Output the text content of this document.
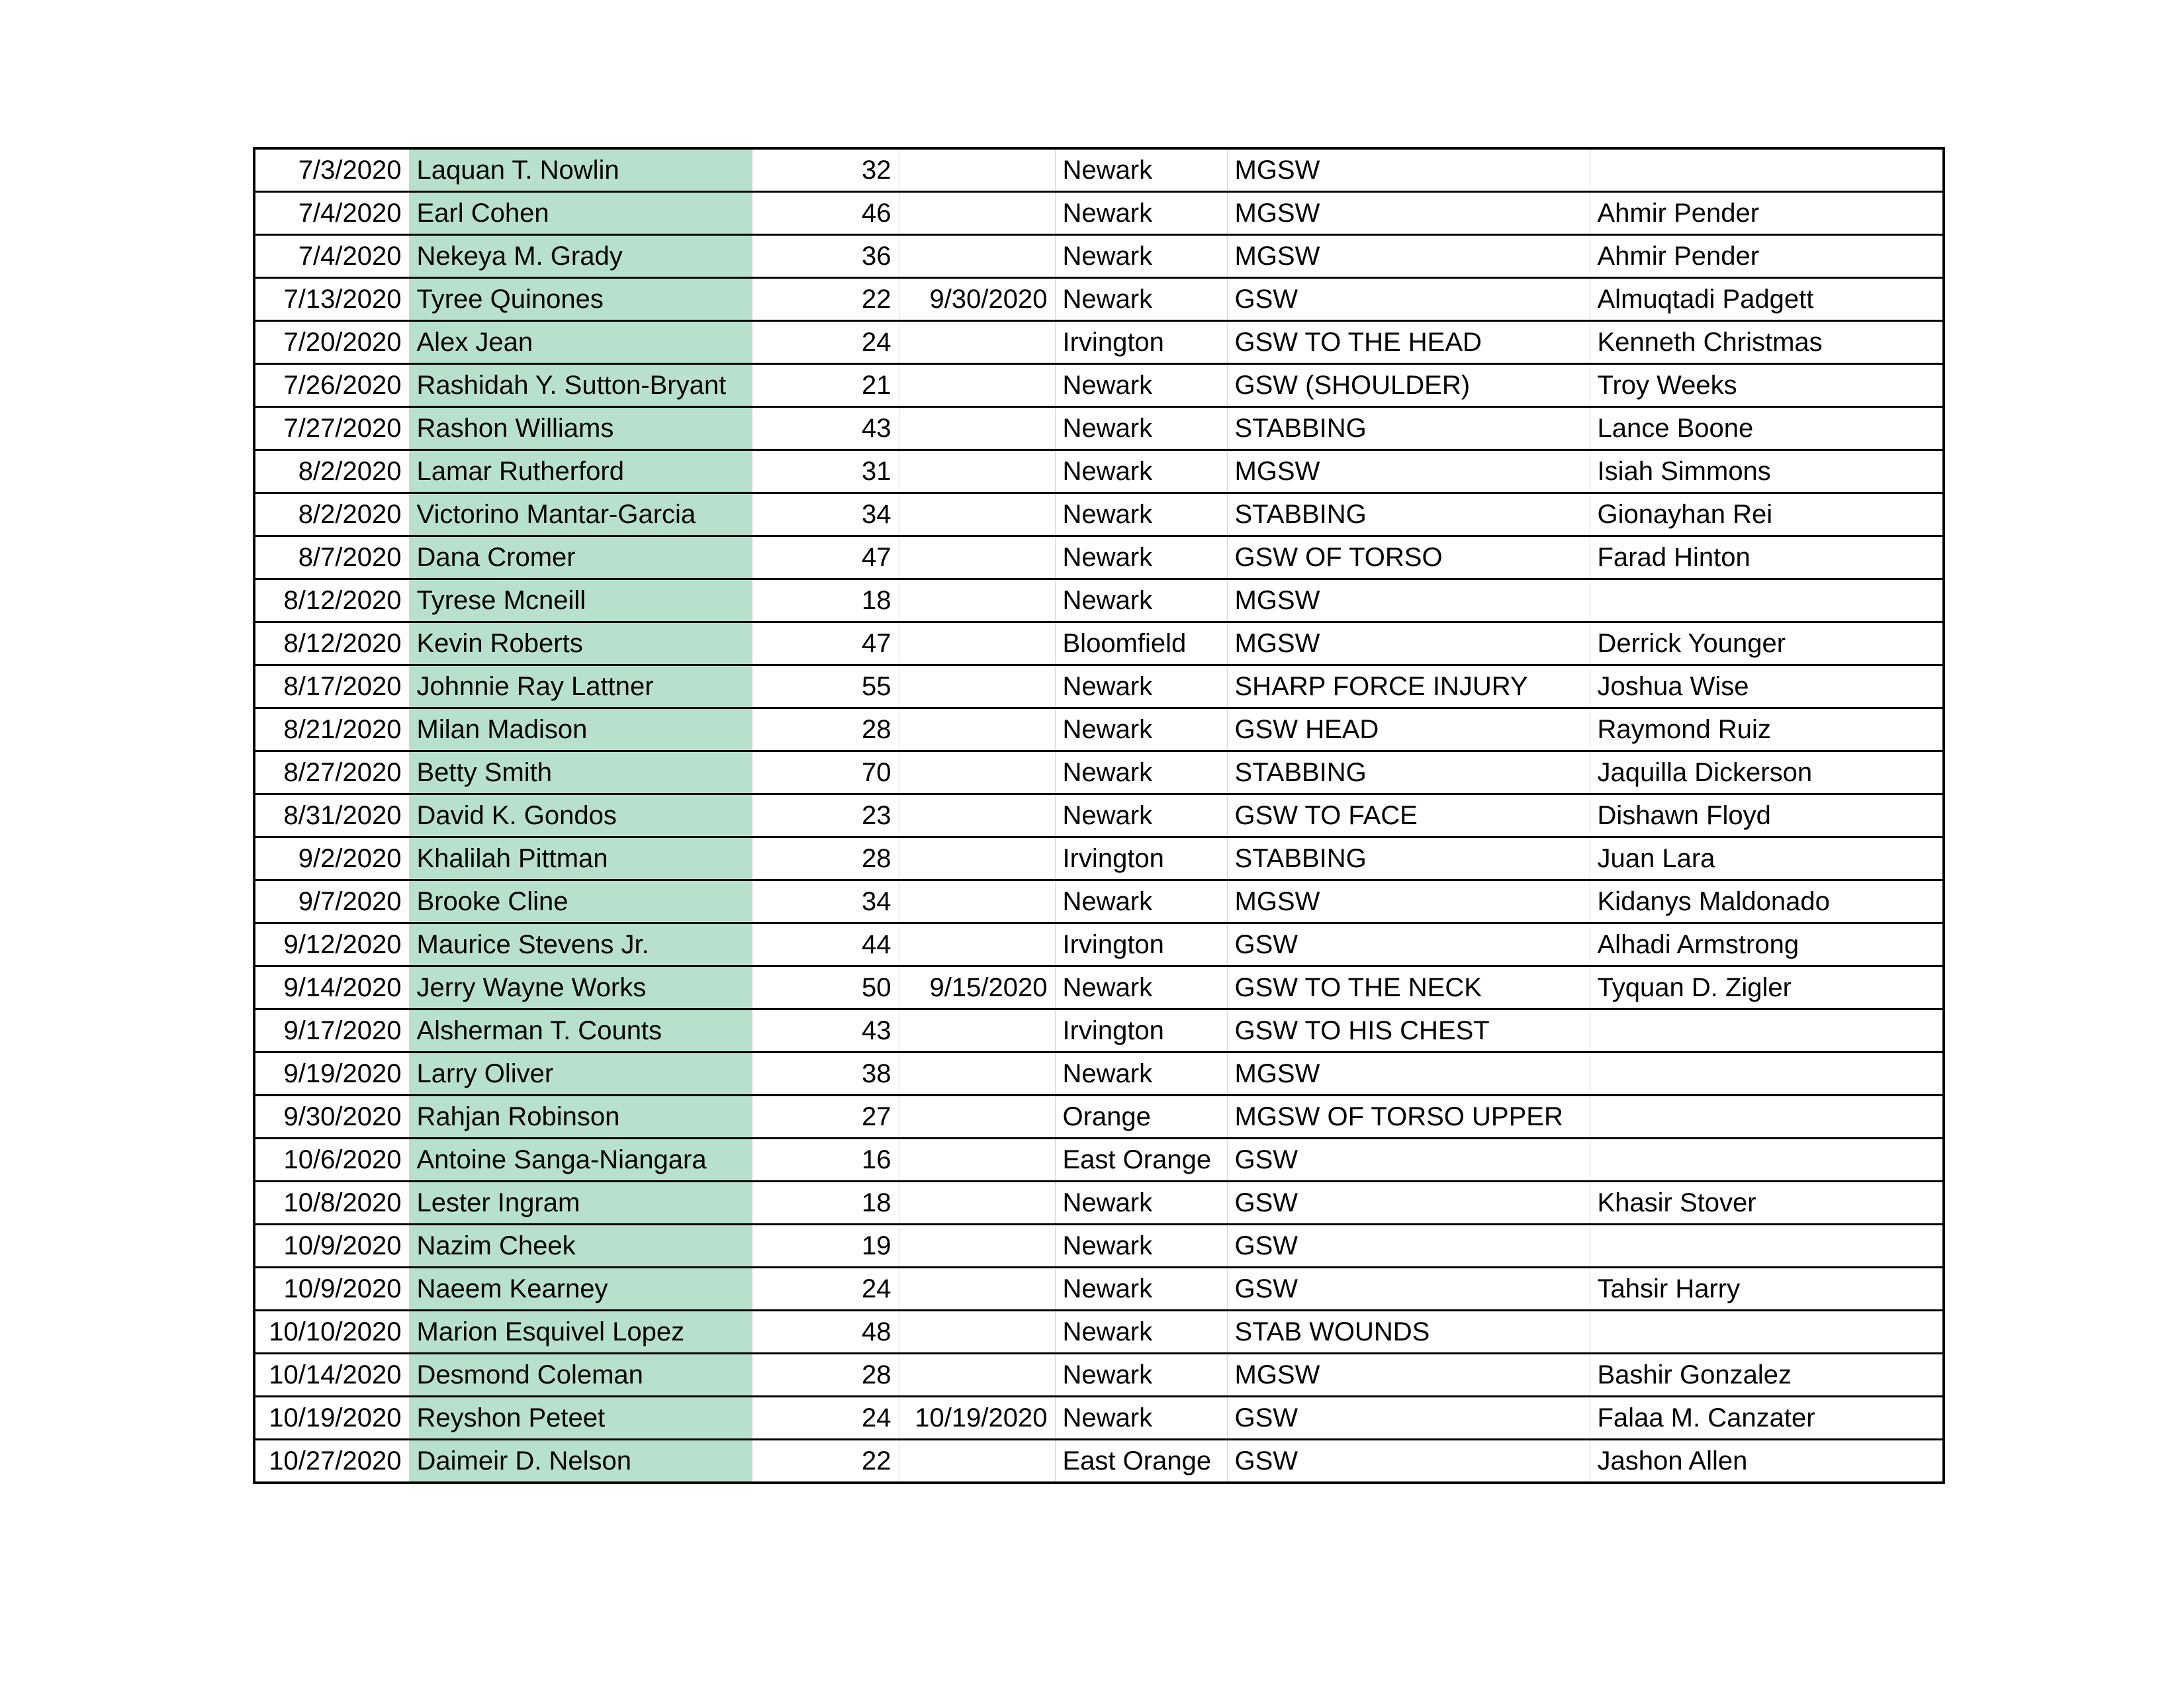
7/3/2020	Laquan T. Nowlin	32		Newark	MGSW	
7/4/2020	Earl Cohen	46		Newark	MGSW	Ahmir Pender
7/4/2020	Nekeya M. Grady	36		Newark	MGSW	Ahmir Pender
7/13/2020	Tyree Quinones	22	9/30/2020	Newark	GSW	Almuqtadi Padgett
7/20/2020	Alex Jean	24		Irvington	GSW TO THE HEAD	Kenneth Christmas
7/26/2020	Rashidah Y. Sutton-Bryant	21		Newark	GSW (SHOULDER)	Troy Weeks
7/27/2020	Rashon Williams	43		Newark	STABBING	Lance Boone
8/2/2020	Lamar Rutherford	31		Newark	MGSW	Isiah Simmons
8/2/2020	Victorino Mantar-Garcia	34		Newark	STABBING	Gionayhan Rei
8/7/2020	Dana Cromer	47		Newark	GSW OF TORSO	Farad Hinton
8/12/2020	Tyrese Mcneill	18		Newark	MGSW	
8/12/2020	Kevin Roberts	47		Bloomfield	MGSW	Derrick Younger
8/17/2020	Johnnie Ray Lattner	55		Newark	SHARP FORCE INJURY	Joshua Wise
8/21/2020	Milan Madison	28		Newark	GSW HEAD	Raymond Ruiz
8/27/2020	Betty Smith	70		Newark	STABBING	Jaquilla Dickerson
8/31/2020	David K. Gondos	23		Newark	GSW TO FACE	Dishawn Floyd
9/2/2020	Khalilah Pittman	28		Irvington	STABBING	Juan Lara
9/7/2020	Brooke Cline	34		Newark	MGSW	Kidanys Maldonado
9/12/2020	Maurice Stevens Jr.	44		Irvington	GSW	Alhadi Armstrong
9/14/2020	Jerry Wayne Works	50	9/15/2020	Newark	GSW TO THE NECK	Tyquan D. Zigler
9/17/2020	Alsherman T. Counts	43		Irvington	GSW TO HIS CHEST	
9/19/2020	Larry Oliver	38		Newark	MGSW	
9/30/2020	Rahjan Robinson	27		Orange	MGSW OF TORSO UPPER	
10/6/2020	Antoine Sanga-Niangara	16		East Orange	GSW	
10/8/2020	Lester Ingram	18		Newark	GSW	Khasir Stover
10/9/2020	Nazim Cheek	19		Newark	GSW	
10/9/2020	Naeem Kearney	24		Newark	GSW	Tahsir Harry
10/10/2020	Marion Esquivel Lopez	48		Newark	STAB WOUNDS	
10/14/2020	Desmond Coleman	28		Newark	MGSW	Bashir Gonzalez
10/19/2020	Reyshon Peteet	24	10/19/2020	Newark	GSW	Falaa M. Canzater
10/27/2020	Daimeir D. Nelson	22		East Orange	GSW	Jashon Allen
